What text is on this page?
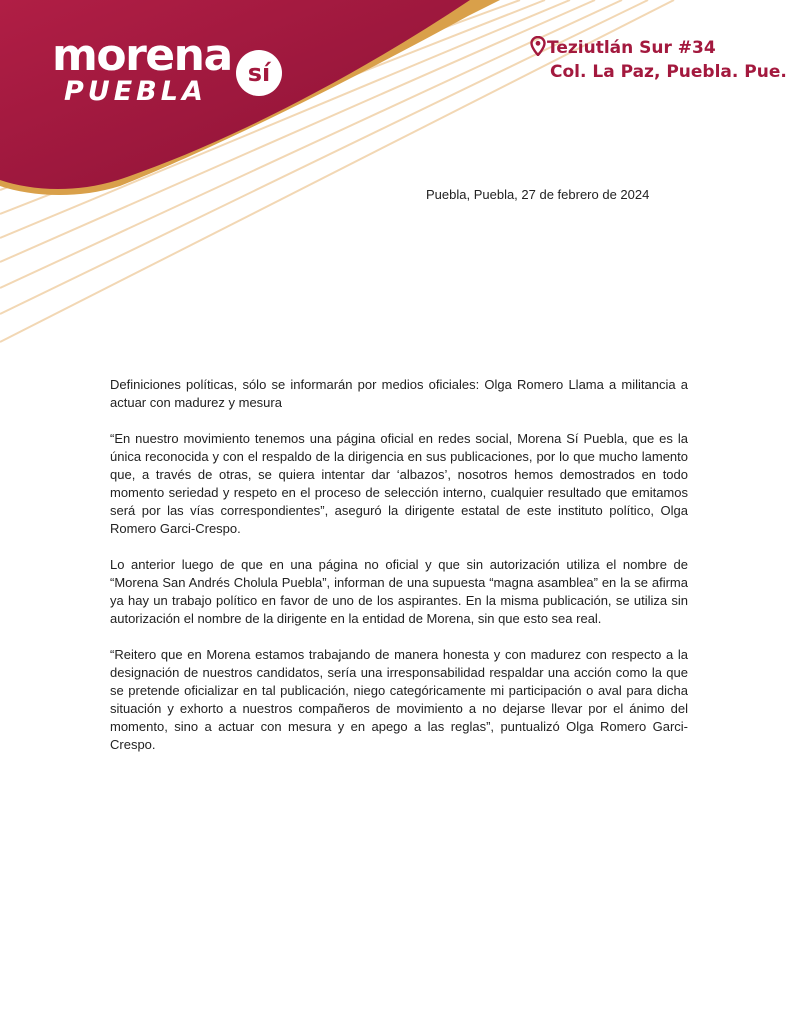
morena sí
PUEBLA
Teziutlán Sur #34
Col. La Paz, Puebla. Pue.
Puebla, Puebla, 27 de febrero de 2024

Definiciones políticas, sólo se informarán por medios oficiales: Olga Romero Llama a militancia a actuar con madurez y mesura

“En nuestro movimiento tenemos una página oficial en redes social, Morena Sí Puebla, que es la única reconocida y con el respaldo de la dirigencia en sus publicaciones, por lo que mucho lamento que, a través de otras, se quiera intentar dar ‘albazos’, nosotros hemos demostrados en todo momento seriedad y respeto en el proceso de selección interno, cualquier resultado que emitamos será por las vías correspondientes”, aseguró la dirigente estatal de este instituto político, Olga Romero Garci-Crespo.

Lo anterior luego de que en una página no oficial y que sin autorización utiliza el nombre de “Morena San Andrés Cholula Puebla”, informan de una supuesta “magna asamblea” en la se afirma ya hay un trabajo político en favor de uno de los aspirantes. En la misma publicación, se utiliza sin autorización el nombre de la dirigente en la entidad de Morena, sin que esto sea real.

“Reitero que en Morena estamos trabajando de manera honesta y con madurez con respecto a la designación de nuestros candidatos, sería una irresponsabilidad respaldar una acción como la que se pretende oficializar en tal publicación, niego categóricamente mi participación o aval para dicha situación y exhorto a nuestros compañeros de movimiento a no dejarse llevar por el ánimo del momento, sino a actuar con mesura y en apego a las reglas”, puntualizó Olga Romero Garci-Crespo.
